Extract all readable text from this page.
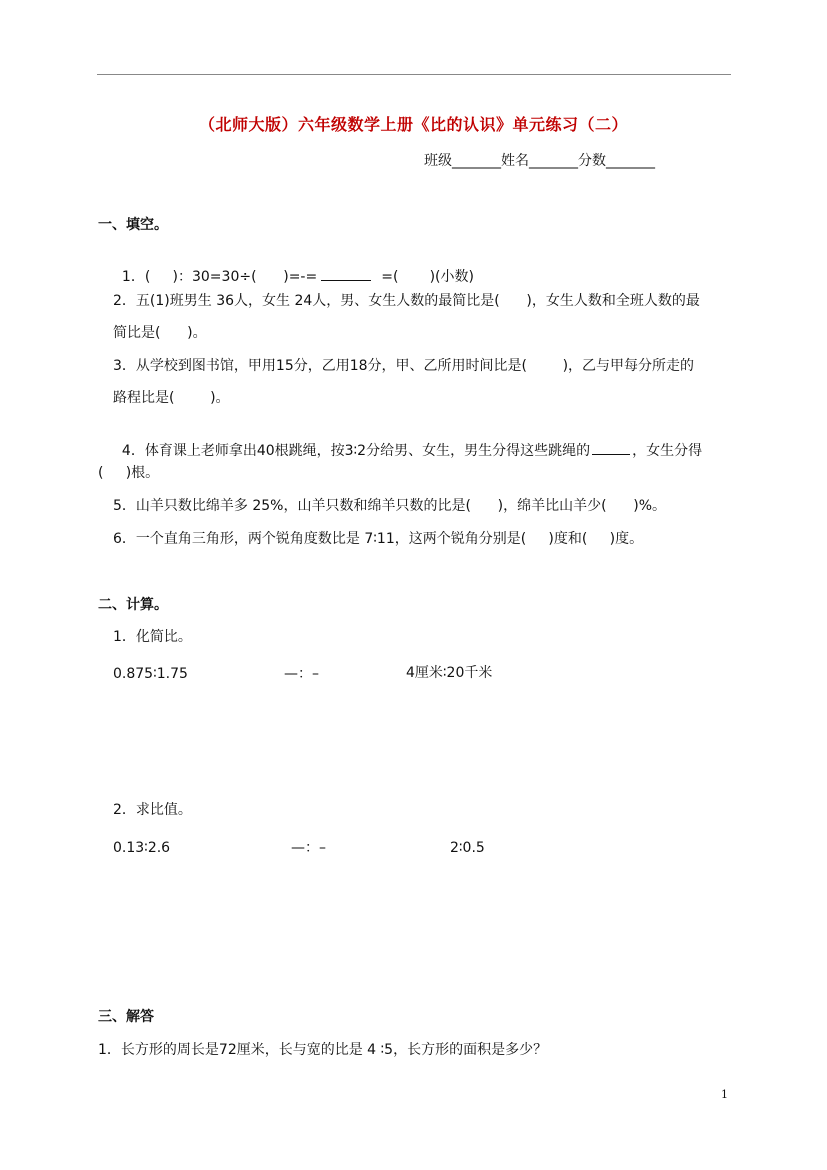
（北师大版）六年级数学上册《比的认识》单元练习（二）
班级_______姓名_______分数_______
一、填空。

1．(     )：30=30÷(      )=-=	=(       )(小数)

2．五(1)班男生 36人，女生 24人，男、女生人数的最简比是(      )，女生人数和全班人数的最
简比是(      )。
3．从学校到图书馆，甲用15分，乙用18分，甲、乙所用时间比是(        )，乙与甲每分所走的
路程比是(        )。

4．体育课上老师拿出40根跳绳，按3∶2分给男、女生，男生分得这些跳绳的	，女生分得

(     )根。
5．山羊只数比绵羊多 25%，山羊只数和绵羊只数的比是(      )，绵羊比山羊少(      )%。
6．一个直角三角形，两个锐角度数比是 7∶11，这两个锐角分别是(     )度和(     )度。
二、计算。
1．化简比。
0.875∶1.75	—：–	4厘米∶20千米
2．求比值。
0.13∶2.6	—：–	2∶0.5
三、解答
1．长方形的周长是72厘米，长与宽的比是 4 ∶5，长方形的面积是多少？
1
